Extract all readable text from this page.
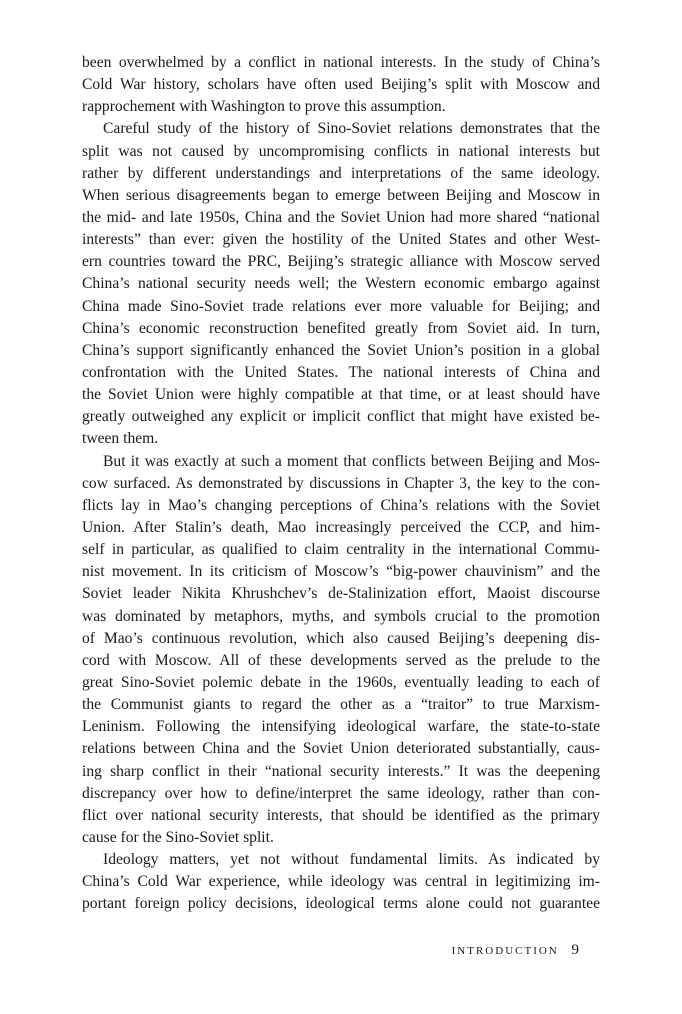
been overwhelmed by a conflict in national interests. In the study of China’s
Cold War history, scholars have often used Beijing’s split with Moscow and
rapprochement with Washington to prove this assumption.
Careful study of the history of Sino-Soviet relations demonstrates that the
split was not caused by uncompromising conflicts in national interests but
rather by different understandings and interpretations of the same ideology.
When serious disagreements began to emerge between Beijing and Moscow in
the mid- and late 1950s, China and the Soviet Union had more shared “national
interests” than ever: given the hostility of the United States and other West-
ern countries toward the PRC, Beijing’s strategic alliance with Moscow served
China’s national security needs well; the Western economic embargo against
China made Sino-Soviet trade relations ever more valuable for Beijing; and
China’s economic reconstruction benefited greatly from Soviet aid. In turn,
China’s support significantly enhanced the Soviet Union’s position in a global
confrontation with the United States. The national interests of China and
the Soviet Union were highly compatible at that time, or at least should have
greatly outweighed any explicit or implicit conflict that might have existed be-
tween them.
But it was exactly at such a moment that conflicts between Beijing and Mos-
cow surfaced. As demonstrated by discussions in Chapter 3, the key to the con-
flicts lay in Mao’s changing perceptions of China’s relations with the Soviet
Union. After Stalin’s death, Mao increasingly perceived the CCP, and him-
self in particular, as qualified to claim centrality in the international Commu-
nist movement. In its criticism of Moscow’s “big-power chauvinism” and the
Soviet leader Nikita Khrushchev’s de-Stalinization effort, Maoist discourse
was dominated by metaphors, myths, and symbols crucial to the promotion
of Mao’s continuous revolution, which also caused Beijing’s deepening dis-
cord with Moscow. All of these developments served as the prelude to the
great Sino-Soviet polemic debate in the 1960s, eventually leading to each of
the Communist giants to regard the other as a “traitor” to true Marxism-
Leninism. Following the intensifying ideological warfare, the state-to-state
relations between China and the Soviet Union deteriorated substantially, caus-
ing sharp conflict in their “national security interests.” It was the deepening
discrepancy over how to define/interpret the same ideology, rather than con-
flict over national security interests, that should be identified as the primary
cause for the Sino-Soviet split.
Ideology matters, yet not without fundamental limits. As indicated by
China’s Cold War experience, while ideology was central in legitimizing im-
portant foreign policy decisions, ideological terms alone could not guarantee
INTRODUCTION 9
